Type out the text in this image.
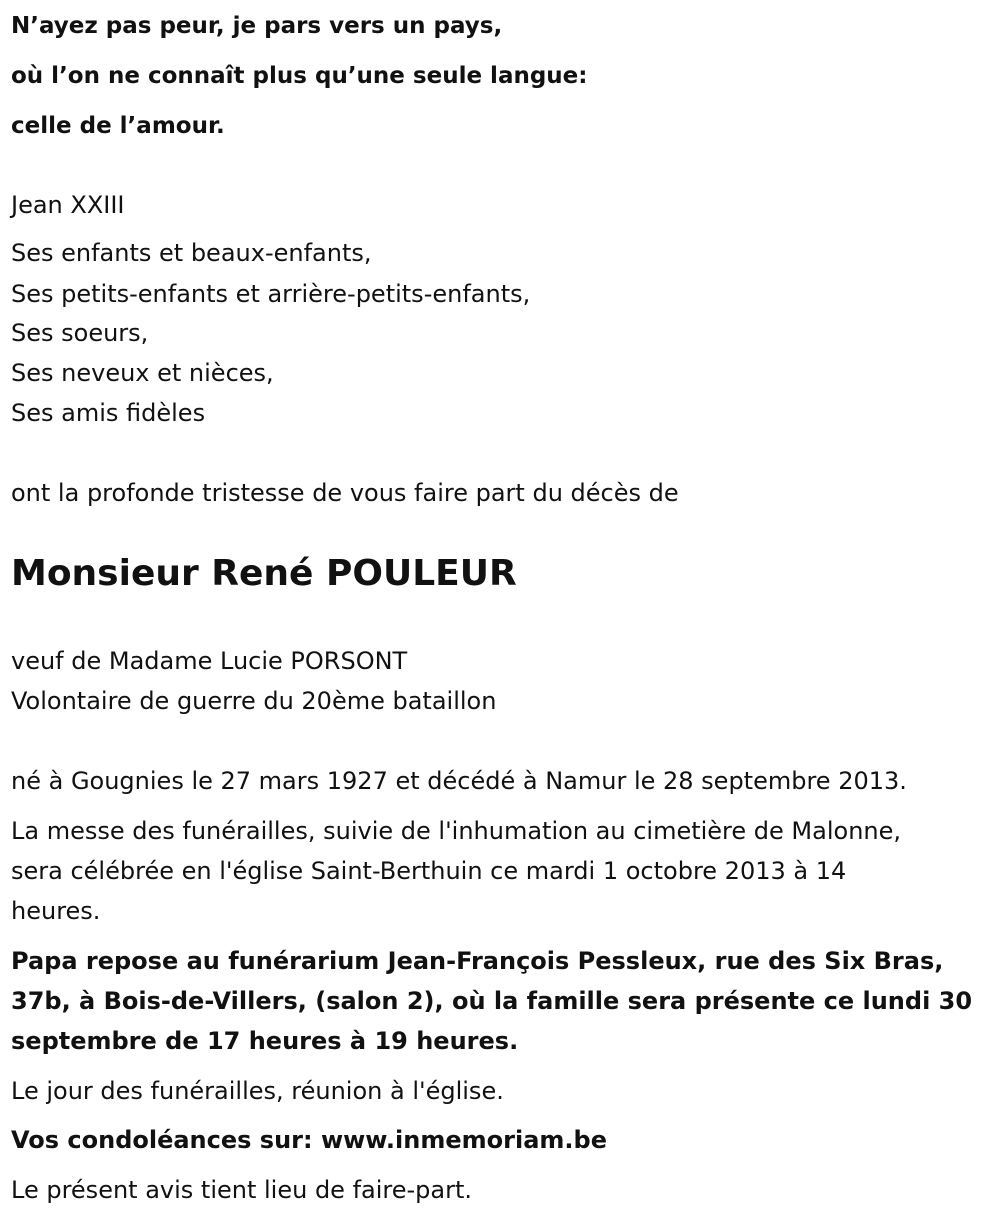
N’ayez pas peur, je pars vers un pays,
où l’on ne connaît plus qu’une seule langue:
celle de l’amour.
Jean XXIII
Ses enfants et beaux-enfants,
Ses petits-enfants et arrière-petits-enfants,
Ses soeurs,
Ses neveux et nièces,
Ses amis fidèles
ont la profonde tristesse de vous faire part du décès de
Monsieur René POULEUR
veuf de Madame Lucie PORSONT
Volontaire de guerre du 20ème bataillon
né à Gougnies le 27 mars 1927 et décédé à Namur le 28 septembre 2013.
La messe des funérailles, suivie de l'inhumation au cimetière de Malonne,
sera célébrée en l'église Saint-Berthuin ce mardi 1 octobre 2013 à 14
heures.
Papa repose au funérarium Jean-François Pessleux, rue des Six Bras,
37b, à Bois-de-Villers, (salon 2), où la famille sera présente ce lundi 30
septembre de 17 heures à 19 heures.
Le jour des funérailles, réunion à l'église.
Vos condoléances sur: www.inmemoriam.be
Le présent avis tient lieu de faire-part.
